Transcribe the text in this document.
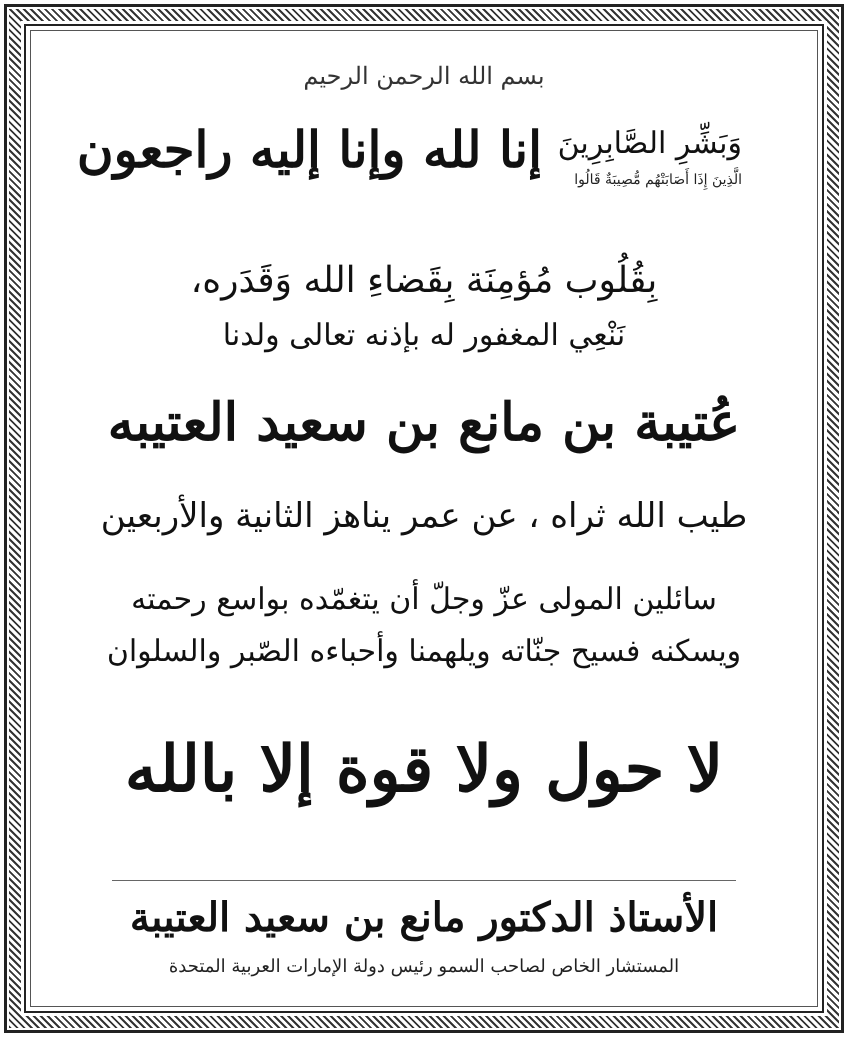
بسم الله الرحمن الرحيم
وَبَشِّرِ الصَّابِرِينَ
الَّذِينَ إِذَا أَصَابَتْهُم مُّصِيبَةٌ قَالُوا
إنا لله وإنا إليه راجعون
بِقُلُوب مُؤمِنَة بِقَضاءِ الله وَقَدَره،
نَنْعِي المغفور له بإذنه تعالى ولدنا
عُتيبة بن مانع بن سعيد العتيبه
طيب الله ثراه ، عن عمر يناهز الثانية والأربعين
سائلين المولى عزّ وجلّ أن يتغمّده بواسع رحمته
ويسكنه فسيح جنّاته ويلهمنا وأحباءه الصّبر والسلوان
لا حول ولا قوة إلا بالله
الأستاذ الدكتور مانع بن سعيد العتيبة
المستشار الخاص لصاحب السمو رئيس دولة الإمارات العربية المتحدة
